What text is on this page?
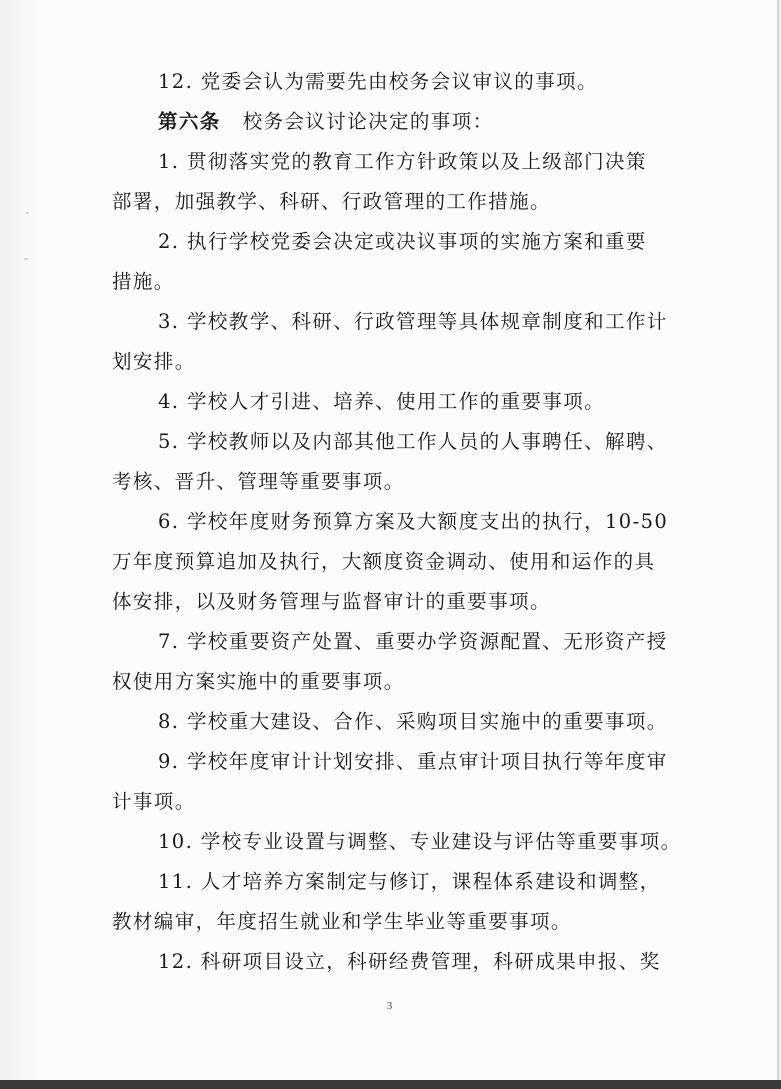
12. 党委会认为需要先由校务会议审议的事项。
第六条 校务会议讨论决定的事项：
1. 贯彻落实党的教育工作方针政策以及上级部门决策
部署，加强教学、科研、行政管理的工作措施。
2. 执行学校党委会决定或决议事项的实施方案和重要
措施。
3. 学校教学、科研、行政管理等具体规章制度和工作计
划安排。
4. 学校人才引进、培养、使用工作的重要事项。
5. 学校教师以及内部其他工作人员的人事聘任、解聘、
考核、晋升、管理等重要事项。
6. 学校年度财务预算方案及大额度支出的执行，10-50
万年度预算追加及执行，大额度资金调动、使用和运作的具
体安排，以及财务管理与监督审计的重要事项。
7. 学校重要资产处置、重要办学资源配置、无形资产授
权使用方案实施中的重要事项。
8. 学校重大建设、合作、采购项目实施中的重要事项。
9. 学校年度审计计划安排、重点审计项目执行等年度审
计事项。
10. 学校专业设置与调整、专业建设与评估等重要事项。
11. 人才培养方案制定与修订，课程体系建设和调整，
教材编审，年度招生就业和学生毕业等重要事项。
12. 科研项目设立，科研经费管理，科研成果申报、奖
3
